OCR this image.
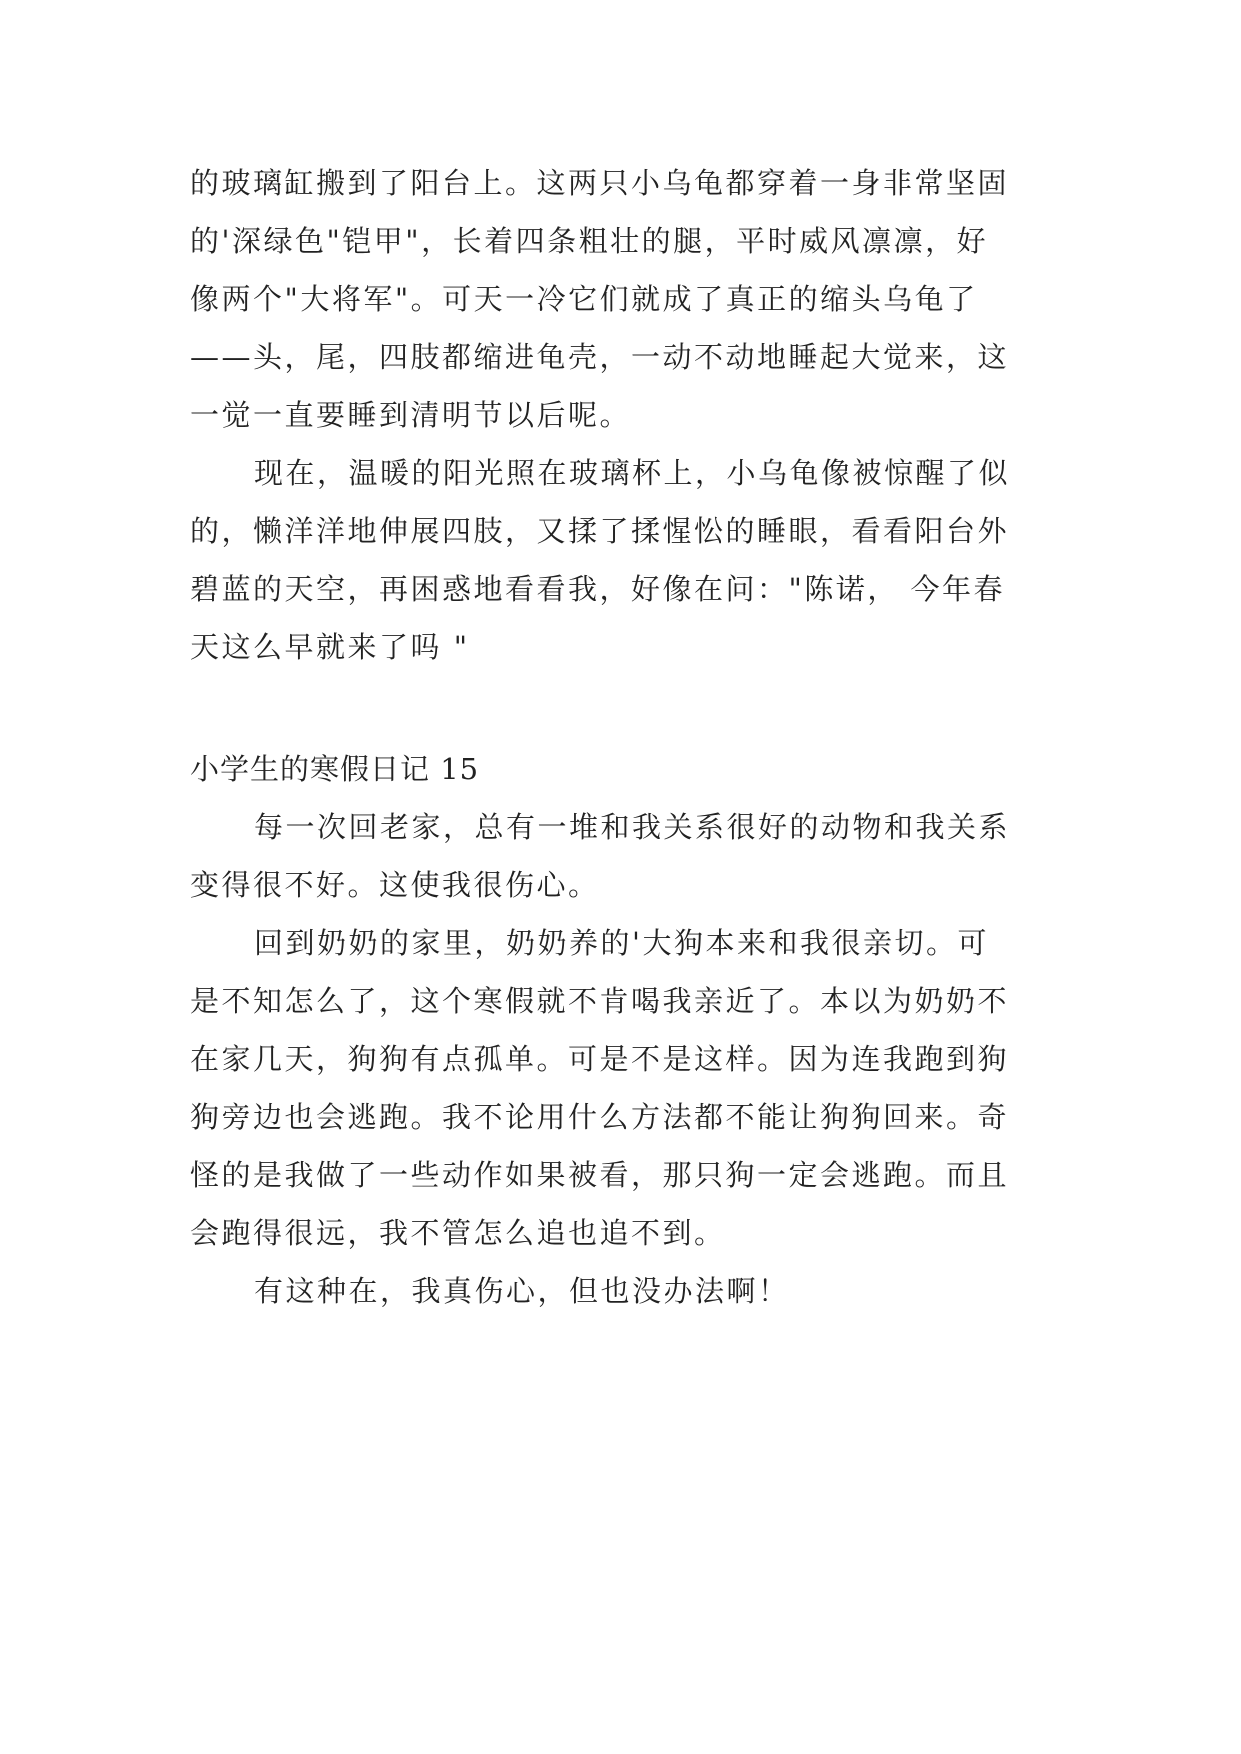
的玻璃缸搬到了阳台上。这两只小乌龟都穿着一身非常坚固
的'深绿色"铠甲"，长着四条粗壮的腿，平时威风凛凛，好
像两个"大将军"。可天一冷它们就成了真正的缩头乌龟了
——头，尾，四肢都缩进龟壳，一动不动地睡起大觉来，这
一觉一直要睡到清明节以后呢。
现在，温暖的阳光照在玻璃杯上，小乌龟像被惊醒了似
的，懒洋洋地伸展四肢，又揉了揉惺忪的睡眼，看看阳台外
碧蓝的天空，再困惑地看看我，好像在问："陈诺， 今年春
天这么早就来了吗 "
小学生的寒假日记 15
每一次回老家，总有一堆和我关系很好的动物和我关系
变得很不好。这使我很伤心。
回到奶奶的家里，奶奶养的'大狗本来和我很亲切。可
是不知怎么了，这个寒假就不肯喝我亲近了。本以为奶奶不
在家几天，狗狗有点孤单。可是不是这样。因为连我跑到狗
狗旁边也会逃跑。我不论用什么方法都不能让狗狗回来。奇
怪的是我做了一些动作如果被看，那只狗一定会逃跑。而且
会跑得很远，我不管怎么追也追不到。
有这种在，我真伤心，但也没办法啊！
